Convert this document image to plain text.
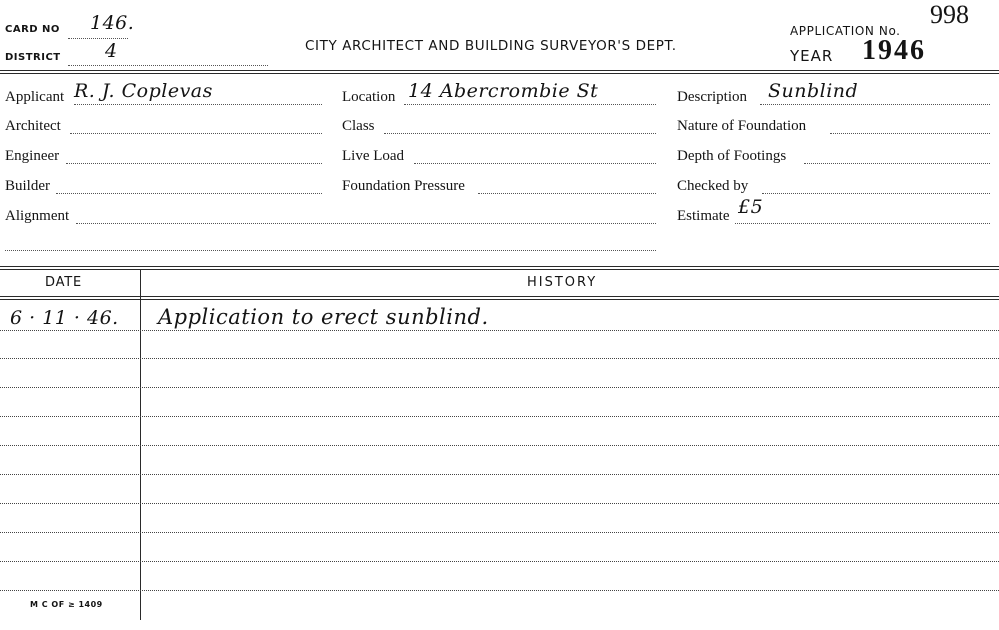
CARD NO 146.
DISTRICT 4	CITY ARCHITECT AND BUILDING SURVEYOR'S DEPT.
APPLICATION No.
998
YEAR 1946
Applicant R. J. Coplevas
Architect
Engineer
Builder
Alignment
Location 14 Abercrombie St
Class
Live Load
Foundation Pressure
Description Sunblind
Nature of Foundation
Depth of Footings
Checked by
Estimate £5
DATE	HISTORY
6 · 11 · 46. Application to erect sunblind.
M C OF ≥ 1409
